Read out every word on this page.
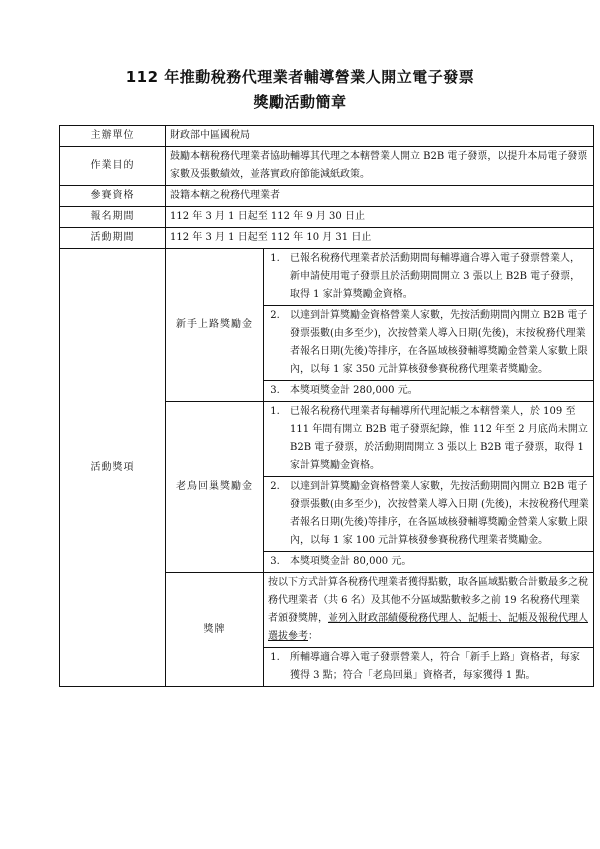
112 年推動稅務代理業者輔導營業人開立電子發票
獎勵活動簡章
主辦單位	財政部中區國稅局		
作業目的	鼓勵本轄稅務代理業者協助輔導其代理之本轄營業人開立 B2B 電子發票，以提升本局電子發票家數及張數績效，並落實政府節能減紙政策。		
參賽資格	設籍本轄之稅務代理業者		
報名期間	112 年 3 月 1 日起至 112 年 9 月 30 日止		
活動期間	112 年 3 月 1 日起至 112 年 10 月 31 日止		
活動獎項	新手上路獎勵金	1.	已報名稅務代理業者於活動期間每輔導適合導入電子發票營業人，新申請使用電子發票且於活動期間開立 3 張以上 B2B 電子發票，取得 1 家計算獎勵金資格。
		2.	以達到計算獎勵金資格營業人家數，先按活動期間內開立 B2B 電子發票張數(由多至少)，次按營業人導入日期(先後)，末按稅務代理業者報名日期(先後)等排序，在各區域核發輔導獎勵金營業人家數上限內，以每 1 家 350 元計算核發參賽稅務代理業者獎勵金。
		3.	本獎項獎金計 280,000 元。
	老鳥回巢獎勵金	1.	已報名稅務代理業者每輔導所代理記帳之本轄營業人，於 109 至 111 年間有開立 B2B 電子發票紀錄，惟 112 年至 2 月底尚未開立 B2B 電子發票，於活動期間開立 3 張以上 B2B 電子發票，取得 1 家計算獎勵金資格。
		2.	以達到計算獎勵金資格營業人家數，先按活動期間內開立 B2B 電子發票張數(由多至少)，次按營業人導入日期 (先後)，末按稅務代理業者報名日期(先後)等排序，在各區域核發輔導獎勵金營業人家數上限內，以每 1 家 100 元計算核發參賽稅務代理業者獎勵金。
		3.	本獎項獎金計 80,000 元。
	獎牌	按以下方式計算各稅務代理業者獲得點數，取各區域點數合計數最多之稅務代理業者（共 6 名）及其他不分區域點數較多之前 19 名稅務代理業者頒發獎牌，並列入財政部績優稅務代理人、記帳士、記帳及報稅代理人選拔參考：	
		1.	所輔導適合導入電子發票營業人，符合「新手上路」資格者，每家獲得 3 點；符合「老鳥回巢」資格者，每家獲得 1 點。
